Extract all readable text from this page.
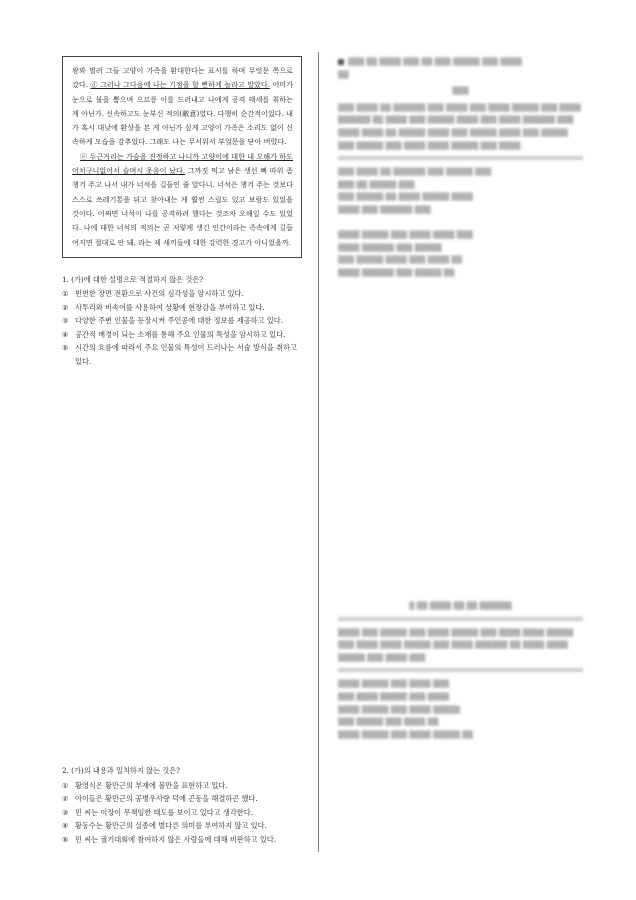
왕꽈 벌려 그들 고양이 가족을 환대한다는 표시를 하며 무엇문 쪽으로 갔다. ⓓ 그러나 그다음에 나는 기점을 할 뻔하게 놀라고 말았다. 어미가 눈으로 불을 뿜으며 으르릉 이를 드러내고 나에게 공격 태세를 취하는 게 아닌가. 신속하고도 눈부신 적의(敵意)였다. 다행히 순간적이었다. 내가 혹시 대낮에 환상을 본 게 아닌가 싶게 고양이 가족은 소리도 없이 신속하게 모습을 감추었다. 그래도 나는 무서워서 부엌문을 닫아 버렸다.

ⓔ 두근거리는 가슴을 진정하고 나니까 고양이에 대한 내 오해가 하도 어처구니없어서 슬며시 웃음이 났다. 그까짓 먹고 남은 생선 뼈 따위 좀 챙겨 주고 나서 내가 너석을 길들인 줄 알다니. 너석은 챙겨 주는 것보다 스스로 쓰레기통을 뒤고 찾아내는 게 훨씬 스릴도 있고 보람도 있었을 것이다. 어쩌면 너석이 나를 공격하려 했다는 것조차 오해일 수도 있었다. 나에 대한 너석의 적의는 곧 저렇게 생긴 인간이라는 족속에게 길들여지면 절대로 안 돼, 라는 제 새끼들에 대한 강력한 경고가 아니었을까.

1. (가)에 대한 설명으로 적절하지 않은 것은?

① 빈번한 장면 전환으로 사건의 심각성을 암시하고 있다.
② 사투리와 비속어를 사용하여 상황에 현장감을 부여하고 있다.
③ 다양한 주변 인물을 등장시켜 주인공에 대한 정보를 제공하고 있다.
④ 공간적 배경이 되는 소재를 통해 주요 인물의 특성을 암시하고 있다.
⑤ 시간의 흐름에 따라서 주요 인물의 특성이 드러나는 서술 방식을 취하고 있다.

2. (가)의 내용과 일치하지 않는 것은?

① 황영식은 황만근의 부재에 불만을 표현하고 있다.
② 아이들은 황만근의 공병우사랑 덕에 곤동을 해결하곤 했다.
③ 민 씨는 이장이 무책임한 태도를 보이고 있다고 생각한다.
④ 황동수는 황만근의 실종에 별다른 의미를 부여하지 않고 있다.
⑤ 민 씨는 궐기대회에 참여하지 않은 사람들에 대해 비판하고 있다.

▒▒▒ ▒▒ ▒▒▒▒ ▒▒▒ ▒▒ ▒▒▒ ▒▒▒▒▒ ▒▒▒ ▒▒▒▒
▒▒

▒▒▒

▒▒▒ ▒▒▒▒ ▒▒ ▒▒▒▒▒▒ ▒▒▒ ▒▒▒▒ ▒▒▒ ▒▒▒▒ ▒▒▒▒▒ ▒▒▒ ▒▒▒▒ ▒▒▒▒▒▒ ▒▒ ▒▒▒▒ ▒▒▒ ▒▒▒▒▒ ▒▒▒▒ ▒▒▒ ▒▒▒▒ ▒▒▒▒▒▒ ▒▒▒ ▒▒▒▒ ▒▒▒▒ ▒▒ ▒▒▒▒▒ ▒▒▒▒ ▒▒▒ ▒▒▒▒▒ ▒▒▒▒ ▒▒▒ ▒▒▒▒▒ ▒▒▒ ▒▒▒▒▒ ▒▒▒ ▒▒▒▒ ▒▒▒▒ ▒▒▒▒▒ ▒▒▒ ▒▒▒▒

▒▒▒ ▒▒▒▒ ▒▒ ▒▒▒▒▒▒ ▒▒▒ ▒▒▒▒▒ ▒▒▒
▒▒▒ ▒▒ ▒▒▒▒▒ ▒▒▒
▒▒▒ ▒▒▒▒▒ ▒▒ ▒▒▒▒ ▒▒▒▒▒ ▒▒▒▒
▒▒▒▒ ▒▒▒ ▒▒▒▒▒▒ ▒▒▒

▒▒▒▒ ▒▒▒▒▒ ▒▒▒ ▒▒▒▒ ▒▒▒▒ ▒▒▒
▒▒▒▒ ▒▒▒▒▒▒ ▒▒▒ ▒▒▒▒▒
▒▒▒ ▒▒▒▒▒ ▒▒▒▒ ▒▒▒ ▒▒▒▒ ▒▒
▒▒▒▒ ▒▒▒▒▒▒ ▒▒▒ ▒▒▒▒▒ ▒▒

▒ ▒▒ ▒▒▒▒ ▒▒ ▒▒ ▒▒▒▒▒▒

▒▒▒▒ ▒▒▒ ▒▒▒▒▒ ▒▒▒ ▒▒▒▒ ▒▒▒▒▒ ▒▒▒ ▒▒▒▒ ▒▒▒▒ ▒▒▒▒▒ ▒▒▒ ▒▒▒▒ ▒▒▒▒ ▒▒▒▒▒ ▒▒▒ ▒▒▒▒ ▒▒▒▒▒▒ ▒▒ ▒▒▒▒ ▒▒▒▒ ▒▒▒▒▒ ▒▒▒ ▒▒▒▒ ▒▒▒

▒▒▒▒ ▒▒▒▒▒ ▒▒▒ ▒▒▒▒ ▒▒▒
▒▒▒ ▒▒▒▒ ▒▒▒▒▒ ▒▒▒ ▒▒▒▒
▒▒▒▒ ▒▒▒▒▒ ▒▒▒ ▒▒▒▒ ▒▒▒▒▒
▒▒▒ ▒▒▒▒▒ ▒▒▒ ▒▒▒▒ ▒▒
▒▒▒▒ ▒▒▒▒▒ ▒▒▒ ▒▒▒▒ ▒▒▒▒▒ ▒▒
